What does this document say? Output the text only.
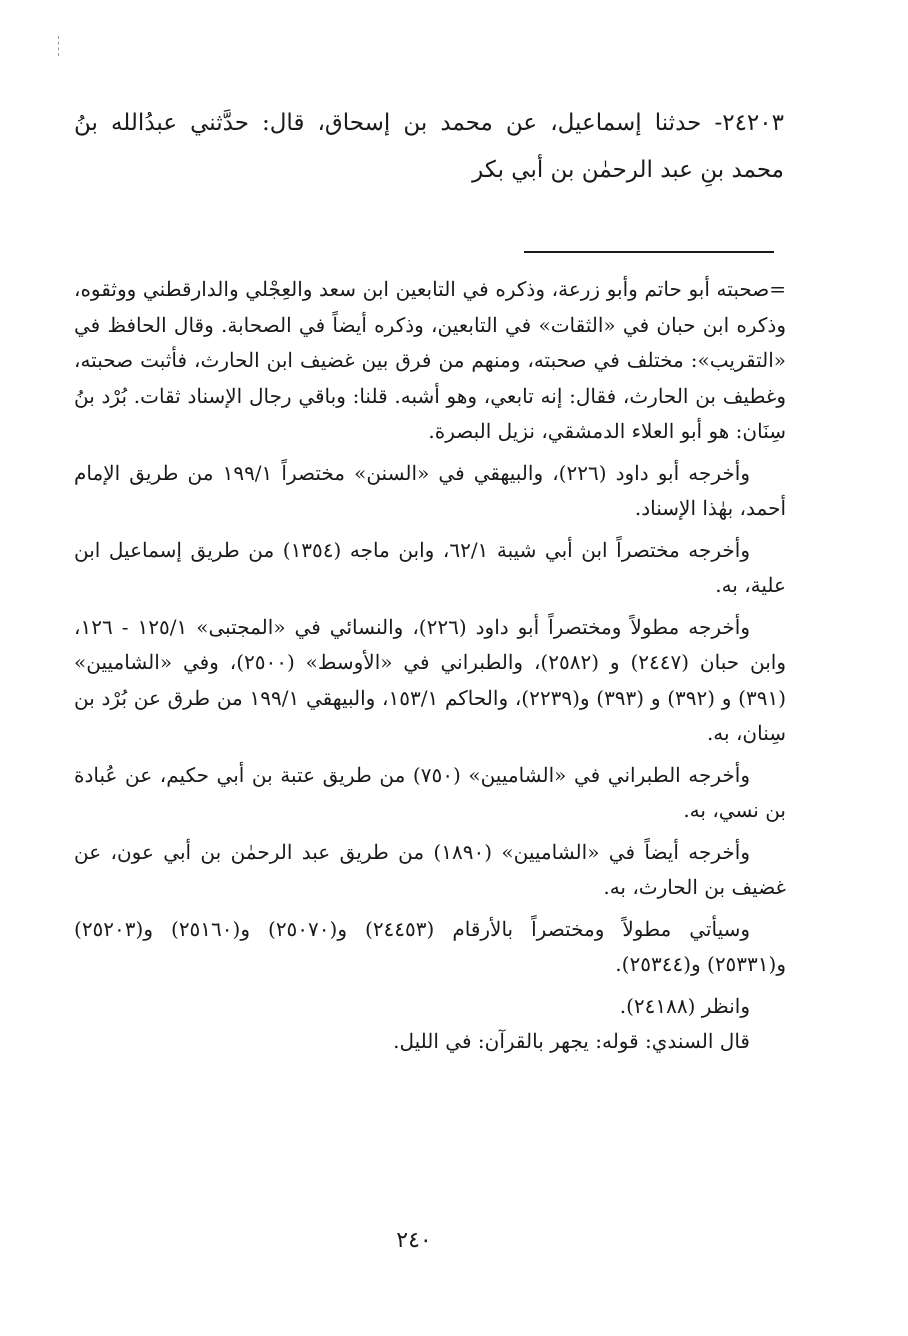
٢٤٢٠٣- حدثنا إسماعيل، عن محمد بن إسحاق، قال: حدَّثني عبدُالله بنُ محمد بنِ عبد الرحمٰن بن أبي بكر

=صحبته أبو حاتم وأبو زرعة، وذكره في التابعين ابن سعد والعِجْلي والدارقطني ووثقوه، وذكره ابن حبان في «الثقات» في التابعين، وذكره أيضاً في الصحابة. وقال الحافظ في «التقريب»: مختلف في صحبته، ومنهم من فرق بين غضيف ابن الحارث، فأثبت صحبته، وغطيف بن الحارث، فقال: إنه تابعي، وهو أشبه. قلنا: وباقي رجال الإسناد ثقات. بُرْد بنُ سِنَان: هو أبو العلاء الدمشقي، نزيل البصرة.

وأخرجه أبو داود (٢٢٦)، والبيهقي في «السنن» مختصراً ١٩٩/١ من طريق الإمام أحمد، بهٰذا الإسناد.

وأخرجه مختصراً ابن أبي شيبة ٦٢/١، وابن ماجه (١٣٥٤) من طريق إسماعيل ابن علية، به.

وأخرجه مطولاً ومختصراً أبو داود (٢٢٦)، والنسائي في «المجتبى» ١٢٥/١ - ١٢٦، وابن حبان (٢٤٤٧) و (٢٥٨٢)، والطبراني في «الأوسط» (٢٥٠٠)، وفي «الشاميين» (٣٩١) و (٣٩٢) و (٣٩٣) و(٢٢٣٩)، والحاكم ١٥٣/١، والبيهقي ١٩٩/١ من طرق عن بُرْد بن سِنان، به.

وأخرجه الطبراني في «الشاميين» (٧٥٠) من طريق عتبة بن أبي حكيم، عن عُبادة بن نسي، به.

وأخرجه أيضاً في «الشاميين» (١٨٩٠) من طريق عبد الرحمٰن بن أبي عون، عن غضيف بن الحارث، به.

وسيأتي مطولاً ومختصراً بالأرقام (٢٤٤٥٣) و(٢٥٠٧٠) و(٢٥١٦٠) و(٢٥٢٠٣) و(٢٥٣٣١) و(٢٥٣٤٤).

وانظر (٢٤١٨٨).

قال السندي: قوله: يجهر بالقرآن: في الليل.

٢٤٠
